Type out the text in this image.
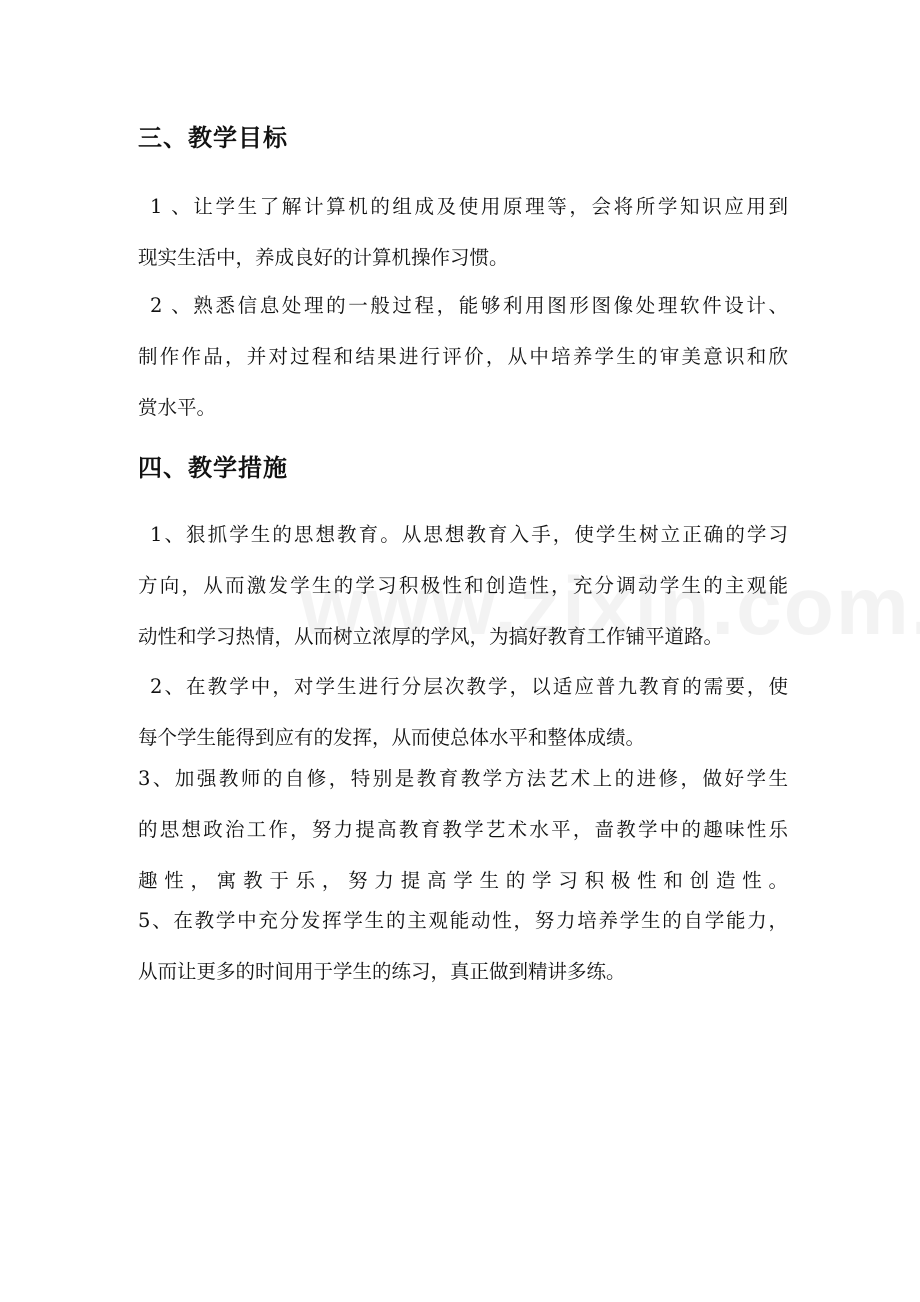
三、教学目标
1 、让学生了解计算机的组成及使用原理等，会将所学知识应用到
现实生活中，养成良好的计算机操作习惯。
2 、熟悉信息处理的一般过程，能够利用图形图像处理软件设计、
制作作品，并对过程和结果进行评价，从中培养学生的审美意识和欣
赏水平。
四、教学措施
1、狠抓学生的思想教育。从思想教育入手，使学生树立正确的学习
方向，从而激发学生的学习积极性和创造性，充分调动学生的主观能
动性和学习热情，从而树立浓厚的学风，为搞好教育工作铺平道路。
2、在教学中，对学生进行分层次教学，以适应普九教育的需要，使
每个学生能得到应有的发挥，从而使总体水平和整体成绩。
3、加强教师的自修，特别是教育教学方法艺术上的进修，做好学生
的思想政治工作，努力提高教育教学艺术水平，啬教学中的趣味性乐
趣性，寓教于乐，努力提高学生的学习积极性和创造性。
5、在教学中充分发挥学生的主观能动性，努力培养学生的自学能力，
从而让更多的时间用于学生的练习，真正做到精讲多练。
